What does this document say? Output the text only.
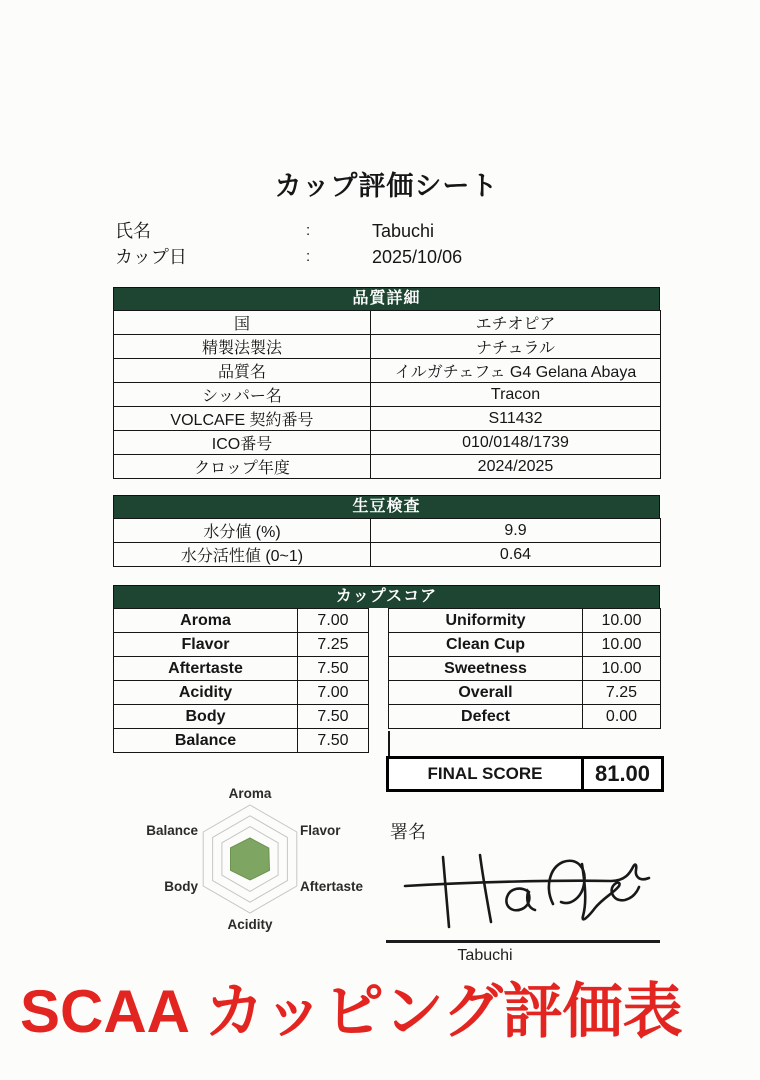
カップ評価シート
氏名	:	Tabuchi
カップ日	:	2025/10/06
品質詳細
国	エチオピア
精製法製法	ナチュラル
品質名	イルガチェフェ G4 Gelana Abaya
シッパー名	Tracon
VOLCAFE 契約番号	S11432
ICO番号	010/0148/1739
クロップ年度	2024/2025
生豆検査
水分値 (%)	9.9
水分活性値 (0~1)	0.64
カップスコア
Aroma	7.00
Flavor	7.25
Aftertaste	7.50
Acidity	7.00
Body	7.50
Balance	7.50
Uniformity	10.00
Clean Cup	10.00
Sweetness	10.00
Overall	7.25
Defect	0.00
FINAL SCORE	81.00
Aroma
Flavor
Aftertaste
Acidity
Body
Balance	署名
Tabuchi
SCAA カッピング評価表
